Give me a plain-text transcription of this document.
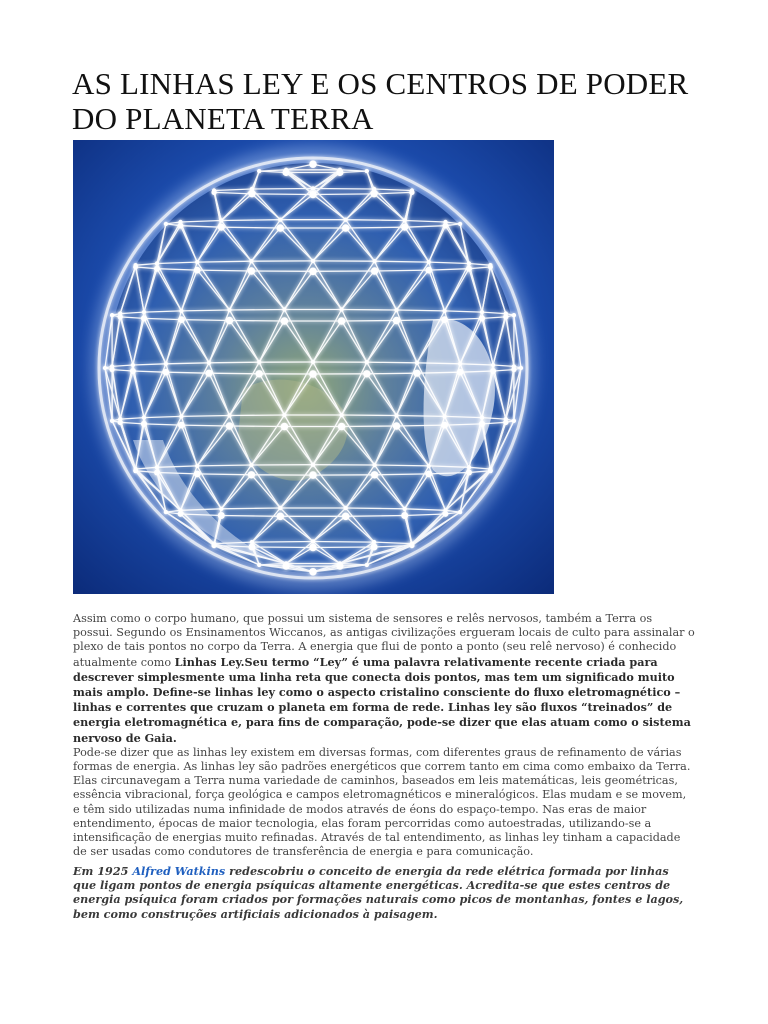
AS LINHAS LEY E OS CENTROS DE PODER DO PLANETA TERRA

Assim como o corpo humano, que possui um sistema de sensores e relês nervosos, também a Terra os possui. Segundo os Ensinamentos Wiccanos, as antigas civilizações ergueram locais de culto para assinalar o plexo de tais pontos no corpo da Terra. A energia que flui de ponto a ponto (seu relê nervoso) é conhecido atualmente como Linhas Ley.Seu termo “Ley” é uma palavra relativamente recente criada para descrever simplesmente uma linha reta que conecta dois pontos, mas tem um significado muito mais amplo. Define-se linhas ley como o aspecto cristalino consciente do fluxo eletromagnético – linhas e correntes que cruzam o planeta em forma de rede. Linhas ley são fluxos “treinados” de energia eletromagnética e, para fins de comparação, pode-se dizer que elas atuam como o sistema nervoso de Gaia.

Pode-se dizer que as linhas ley existem em diversas formas, com diferentes graus de refinamento de várias formas de energia. As linhas ley são padrões energéticos que correm tanto em cima como embaixo da Terra. Elas circunavegam a Terra numa variedade de caminhos, baseados em leis matemáticas, leis geométricas, essência vibracional, força geológica e campos eletromagnéticos e mineralógicos. Elas mudam e se movem, e têm sido utilizadas numa infinidade de modos através de éons do espaço-tempo. Nas eras de maior entendimento, épocas de maior tecnologia, elas foram percorridas como autoestradas, utilizando-se a intensificação de energias muito refinadas. Através de tal entendimento, as linhas ley tinham a capacidade de ser usadas como condutores de transferência de energia e para comunicação.

Em 1925 Alfred Watkins redescobriu o conceito de energia da rede elétrica formada por linhas que ligam pontos de energia psíquicas altamente energéticas. Acredita-se que estes centros de energia psíquica foram criados por formações naturais como picos de montanhas, fontes e lagos, bem como construções artificiais adicionados à paisagem.
